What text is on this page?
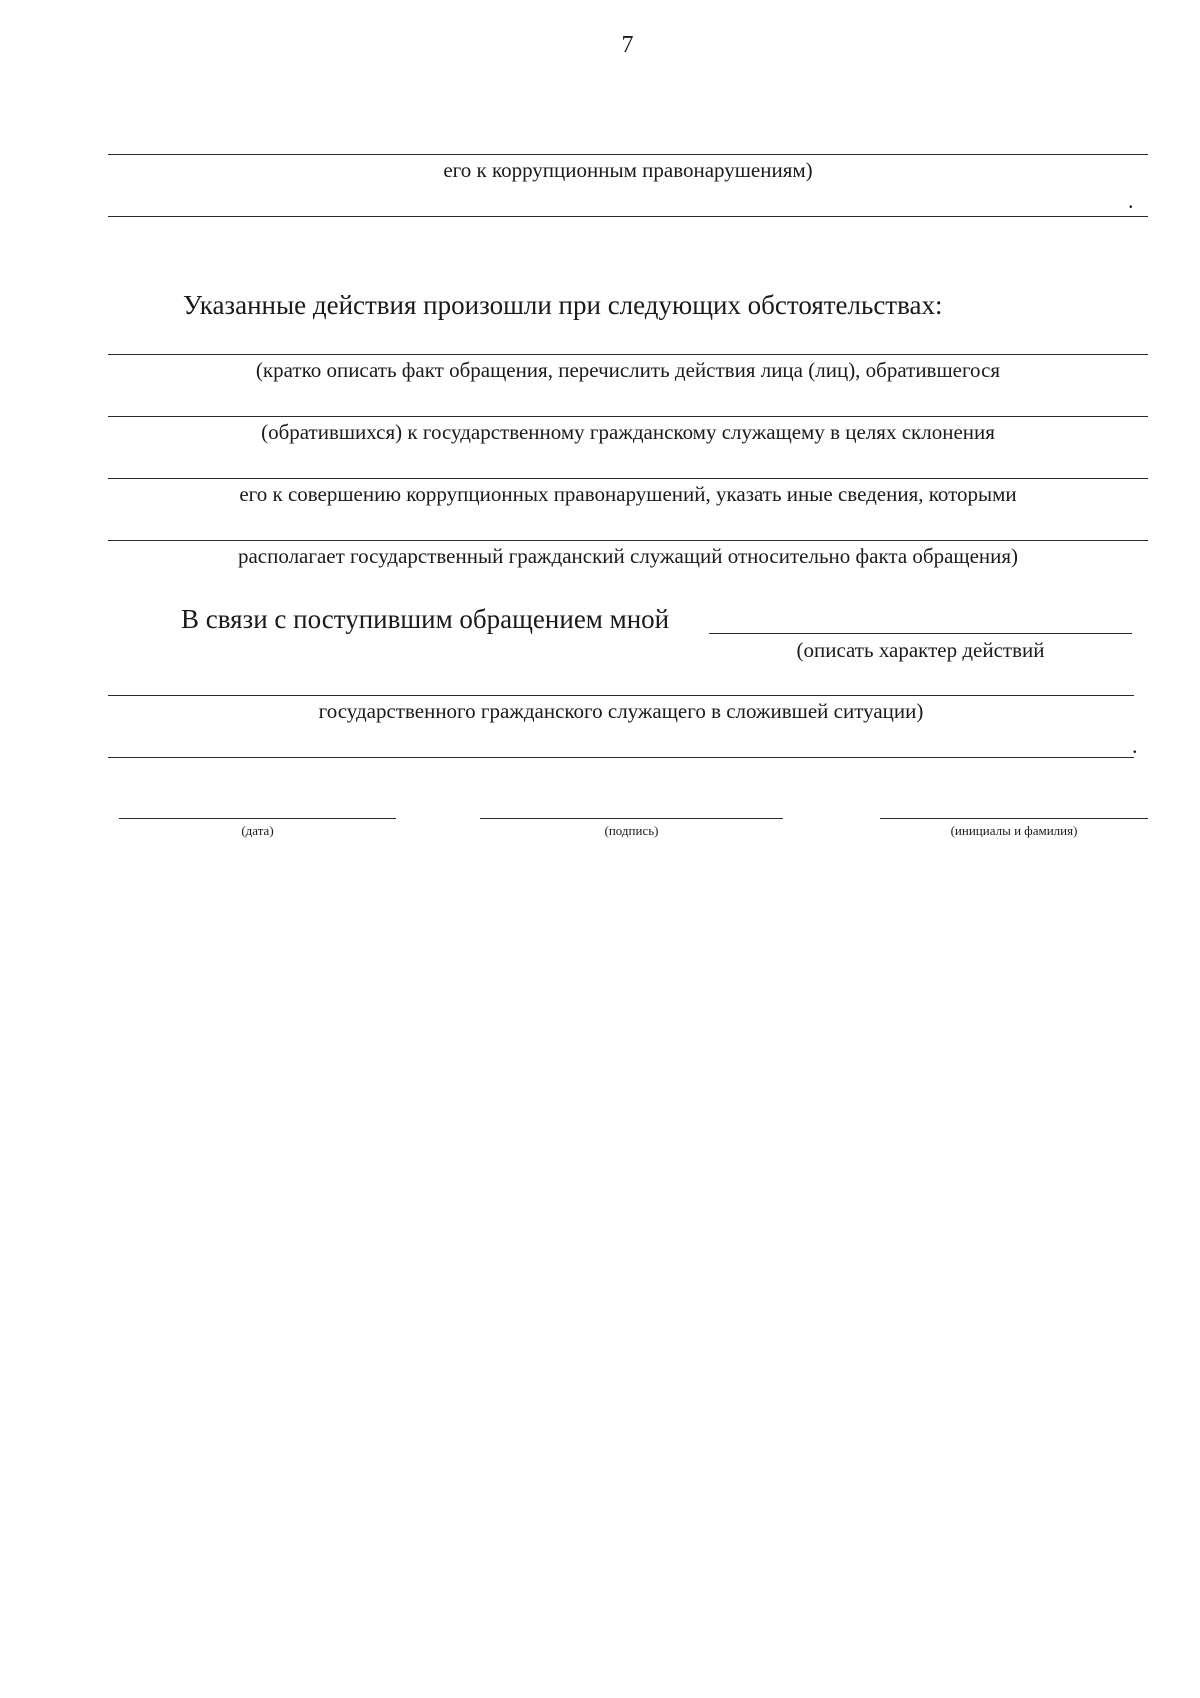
7
его к коррупционным правонарушениям)
.
Указанные действия произошли при следующих обстоятельствах:
(кратко описать факт обращения, перечислить действия лица (лиц), обратившегося
(обратившихся) к государственному гражданскому служащему в целях склонения
его к совершению коррупционных правонарушений, указать иные сведения, которыми
располагает государственный гражданский служащий относительно факта обращения)
В связи с поступившим обращением мной
(описать характер действий
государственного гражданского служащего в сложившей ситуации)
.
(дата)	(подпись)	(инициалы и фамилия)
